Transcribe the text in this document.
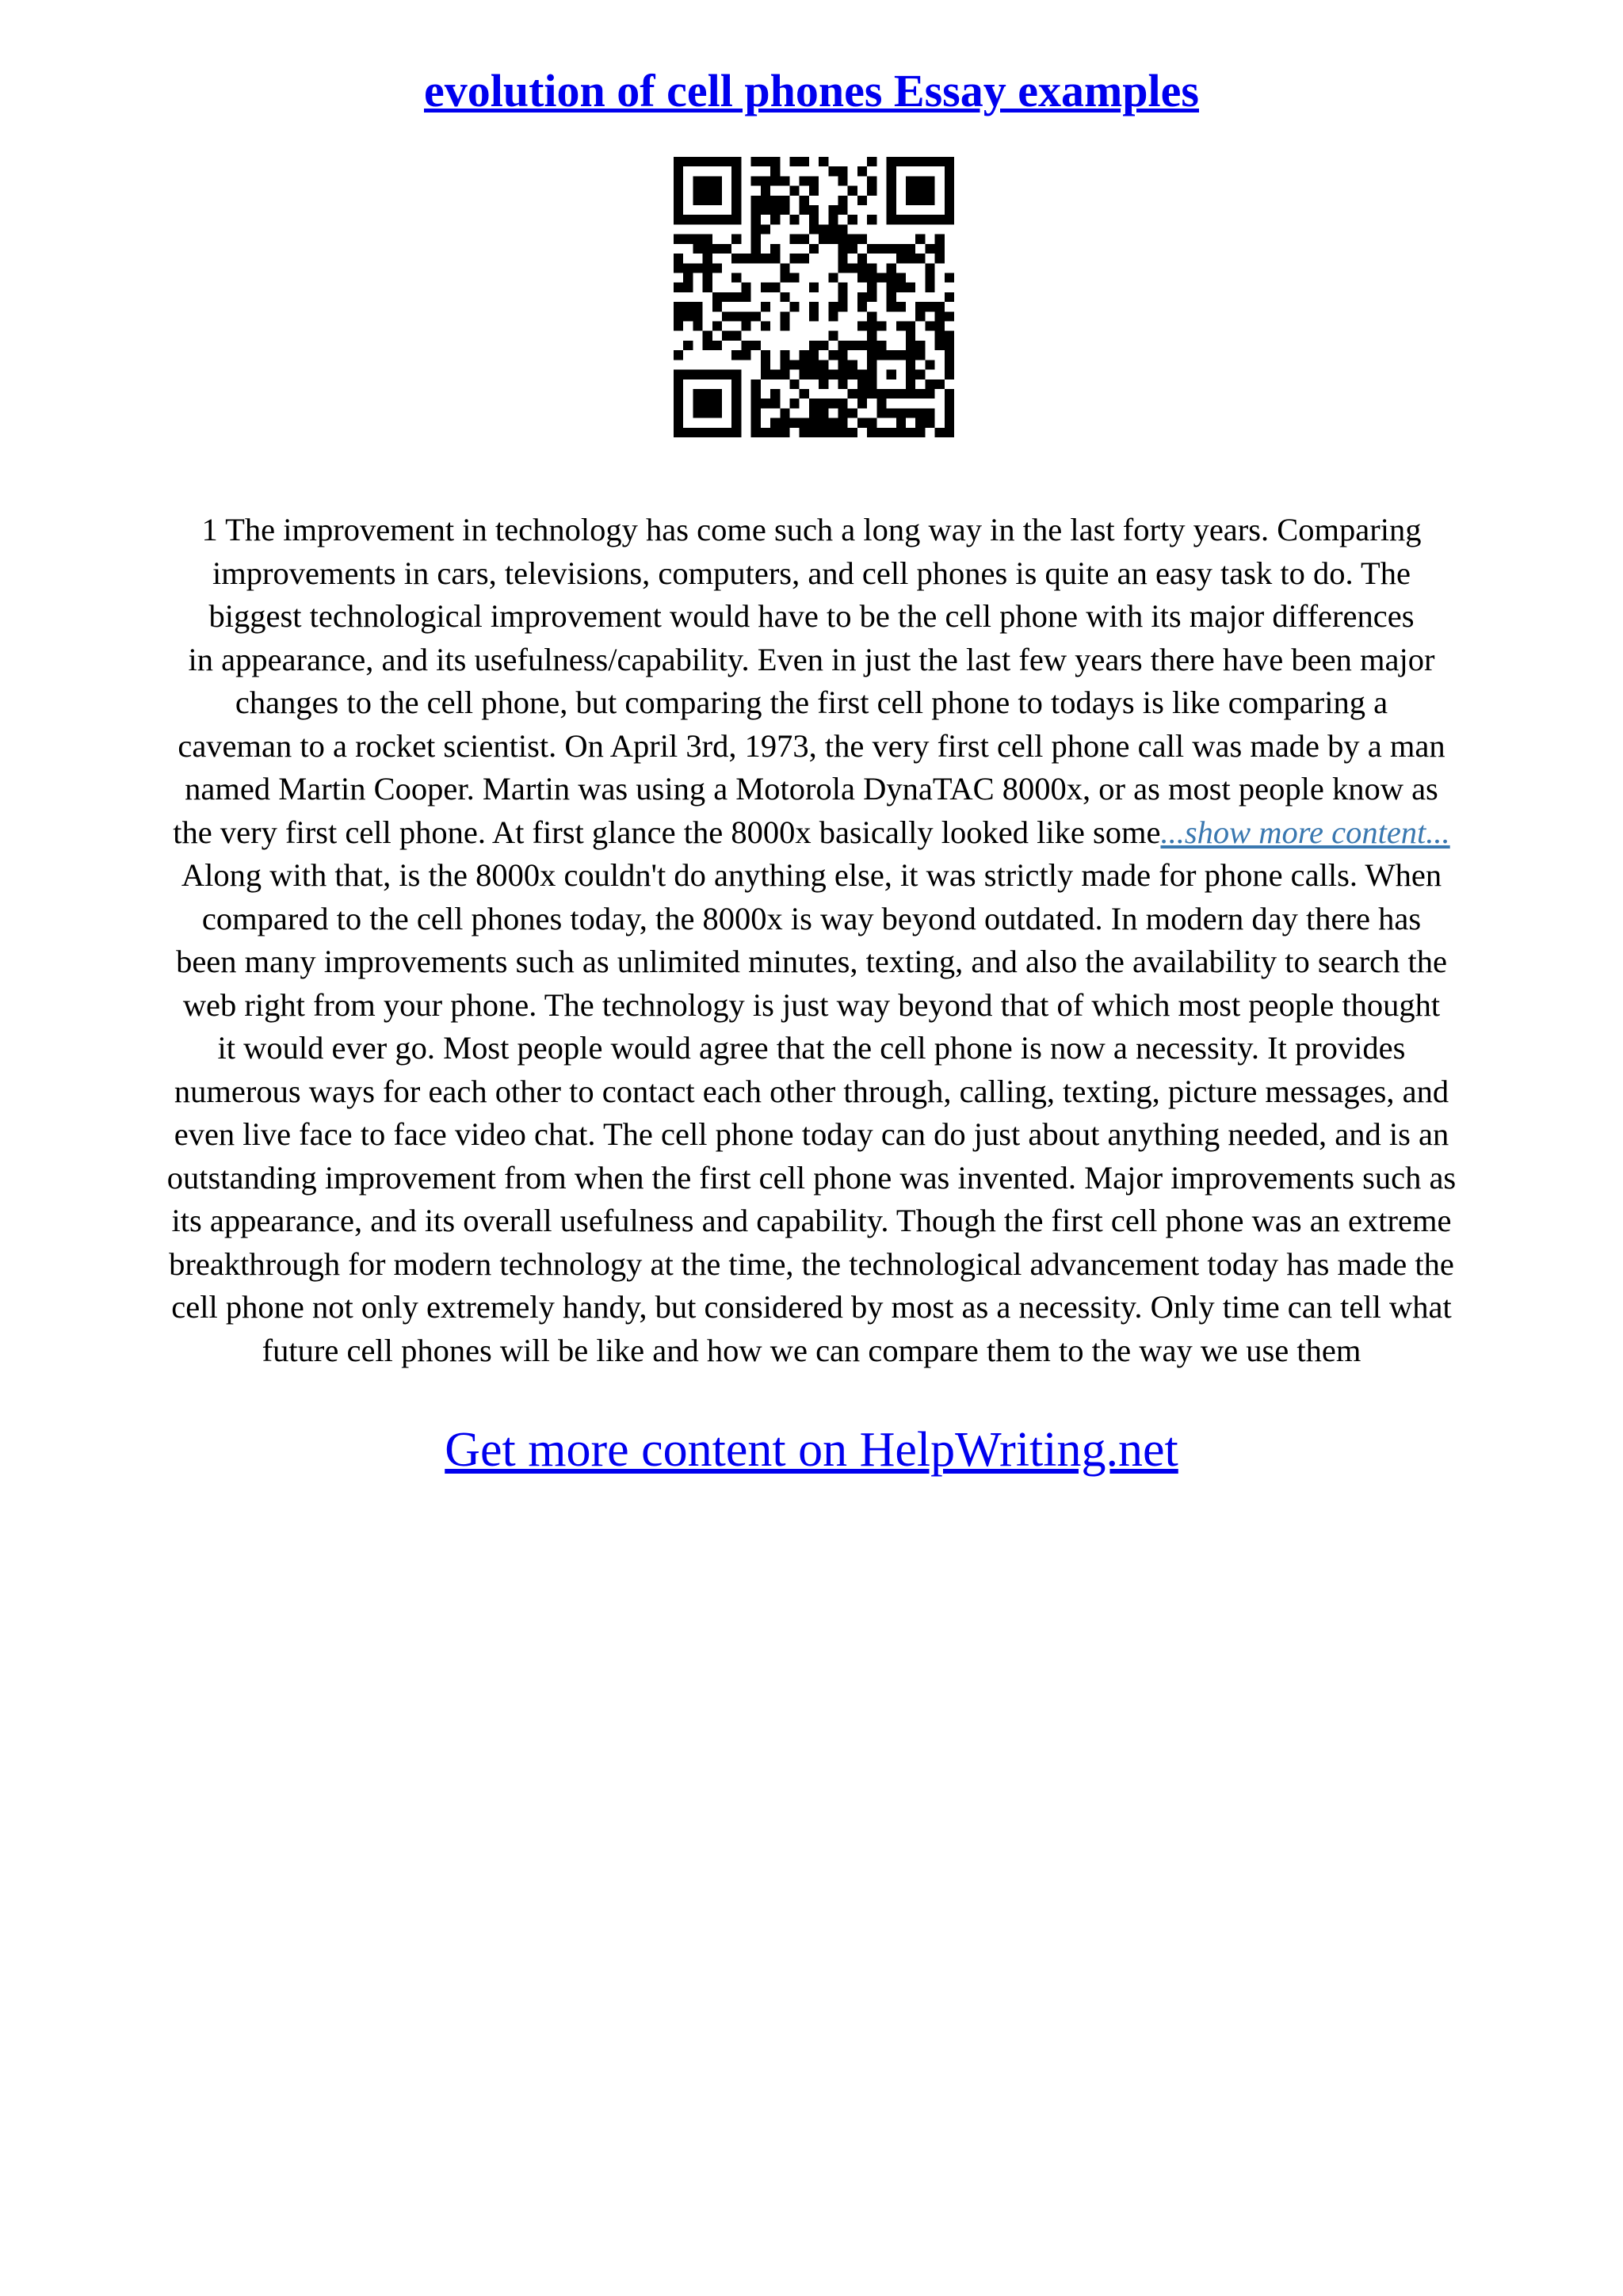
evolution of cell phones Essay examples
1 The improvement in technology has come such a long way in the last forty years. Comparing
improvements in cars, televisions, computers, and cell phones is quite an easy task to do. The
biggest technological improvement would have to be the cell phone with its major differences
in appearance, and its usefulness/capability. Even in just the last few years there have been major
changes to the cell phone, but comparing the first cell phone to todays is like comparing a
caveman to a rocket scientist. On April 3rd, 1973, the very first cell phone call was made by a man
named Martin Cooper. Martin was using a Motorola DynaTAC 8000x, or as most people know as
the very first cell phone. At first glance the 8000x basically looked like some...show more content...
Along with that, is the 8000x couldn't do anything else, it was strictly made for phone calls. When
compared to the cell phones today, the 8000x is way beyond outdated. In modern day there has
been many improvements such as unlimited minutes, texting, and also the availability to search the
web right from your phone. The technology is just way beyond that of which most people thought
it would ever go. Most people would agree that the cell phone is now a necessity. It provides
numerous ways for each other to contact each other through, calling, texting, picture messages, and
even live face to face video chat. The cell phone today can do just about anything needed, and is an
outstanding improvement from when the first cell phone was invented. Major improvements such as
its appearance, and its overall usefulness and capability. Though the first cell phone was an extreme
breakthrough for modern technology at the time, the technological advancement today has made the
cell phone not only extremely handy, but considered by most as a necessity. Only time can tell what
future cell phones will be like and how we can compare them to the way we use them
Get more content on HelpWriting.net
